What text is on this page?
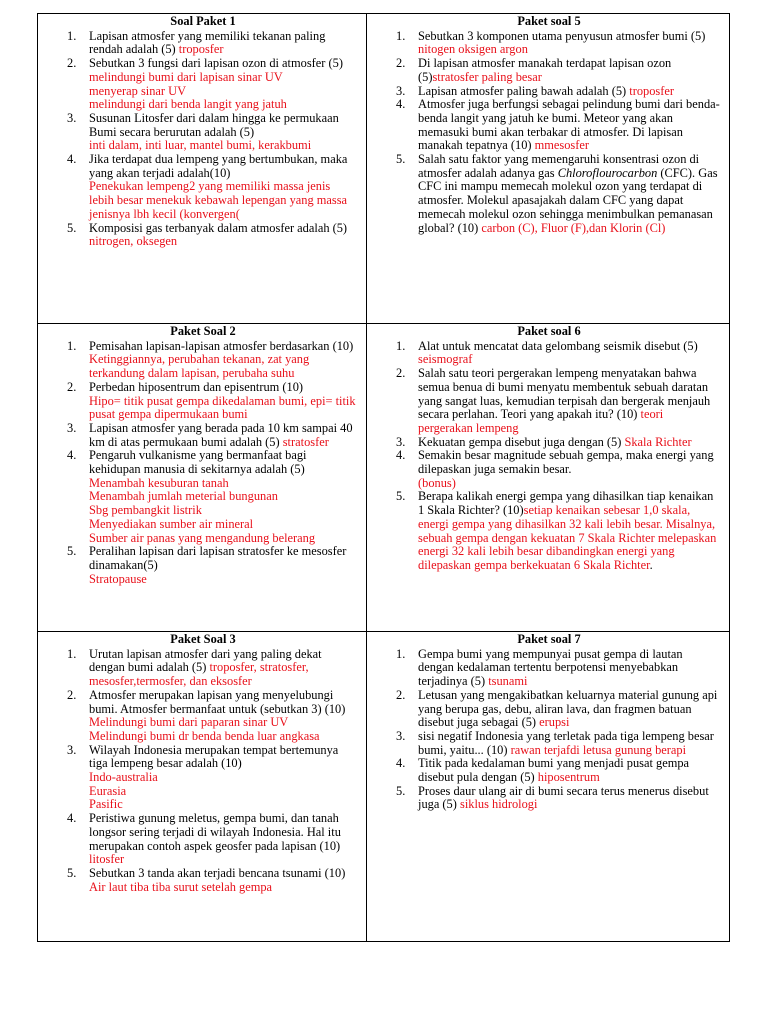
Soal Paket 1
1. Lapisan atmosfer yang memiliki tekanan paling rendah adalah (5) troposfer
2. Sebutkan 3 fungsi dari lapisan ozon di atmosfer (5)
melindungi bumi dari lapisan sinar UV
menyerap sinar UV
melindungi dari benda langit yang jatuh
3. Susunan Litosfer dari dalam hingga ke permukaan Bumi secara berurutan adalah (5)
inti dalam, inti luar, mantel bumi, kerakbumi
4. Jika terdapat dua lempeng yang bertumbukan, maka yang akan terjadi adalah(10)
Penekukan lempeng2 yang memiliki massa jenis lebih besar menekuk kebawah lepengan yang massa jenisnya lbh kecil (konvergen(
5. Komposisi gas terbanyak dalam atmosfer adalah (5) nitrogen, oksegen
Paket soal 5
1. Sebutkan 3 komponen utama penyusun atmosfer bumi (5) nitogen oksigen argon
2. Di lapisan atmosfer manakah terdapat lapisan ozon (5)stratosfer paling besar
3. Lapisan atmosfer paling bawah adalah (5) troposfer
4. Atmosfer juga berfungsi sebagai pelindung bumi dari benda-benda langit yang jatuh ke bumi. Meteor yang akan memasuki bumi akan terbakar di atmosfer. Di lapisan manakah tepatnya (10) mmesosfer
5. Salah satu faktor yang memengaruhi konsentrasi ozon di atmosfer adalah adanya gas Chloroflourocarbon (CFC). Gas CFC ini mampu memecah molekul ozon yang terdapat di atmosfer. Molekul apasajakah dalam CFC yang dapat memecah molekul ozon sehingga menimbulkan pemanasan global? (10) carbon (C), Fluor (F),dan Klorin (Cl)
Paket Soal 2
1. Pemisahan lapisan-lapisan atmosfer berdasarkan (10)
Ketinggiannya, perubahan tekanan, zat yang terkandung dalam lapisan, perubaha suhu
2. Perbedan hiposentrum dan episentrum (10)
Hipo= titik pusat gempa dikedalaman bumi, epi= titik pusat gempa dipermukaan bumi
3. Lapisan atmosfer yang berada pada 10 km sampai 40 km di atas permukaan bumi adalah (5) stratosfer
4. Pengaruh vulkanisme yang bermanfaat bagi kehidupan manusia di sekitarnya adalah (5)
Menambah kesuburan tanah
Menambah jumlah meterial bungunan
Sbg pembangkit listrik
Menyediakan sumber air mineral
Sumber air panas yang mengandung belerang
5. Peralihan lapisan dari lapisan stratosfer ke mesosfer dinamakan(5)
Stratopause
Paket soal 6
1. Alat untuk mencatat data gelombang seismik disebut (5) seismograf
2. Salah satu teori pergerakan lempeng menyatakan bahwa semua benua di bumi menyatu membentuk sebuah daratan yang sangat luas, kemudian terpisah dan bergerak menjauh secara perlahan. Teori yang apakah itu? (10) teori pergerakan lempeng
3. Kekuatan gempa disebut juga dengan (5) Skala Richter
4. Semakin besar magnitude sebuah gempa, maka energi yang dilepaskan juga semakin besar.
(bonus)
5. Berapa kalikah energi gempa yang dihasilkan tiap kenaikan 1 Skala Richter? (10)setiap kenaikan sebesar 1,0 skala, energi gempa yang dihasilkan 32 kali lebih besar. Misalnya, sebuah gempa dengan kekuatan 7 Skala Richter melepaskan energi 32 kali lebih besar dibandingkan energi yang dilepaskan gempa berkekuatan 6 Skala Richter.
Paket Soal 3
1. Urutan lapisan atmosfer dari yang paling dekat dengan bumi adalah (5) troposfer, stratosfer, mesosfer,termosfer, dan eksosfer
2. Atmosfer merupakan lapisan yang menyelubungi bumi. Atmosfer bermanfaat untuk (sebutkan 3) (10)
Melindungi bumi dari paparan sinar UV
Melindungi bumi dr benda benda luar angkasa
3. Wilayah Indonesia merupakan tempat bertemunya tiga lempeng besar adalah (10)
Indo-australia
Eurasia
Pasific
4. Peristiwa gunung meletus, gempa bumi, dan tanah longsor sering terjadi di wilayah Indonesia. Hal itu merupakan contoh aspek geosfer pada lapisan (10) litosfer
5. Sebutkan 3 tanda akan terjadi bencana tsunami (10)
Air laut tiba tiba surut setelah gempa
Paket soal 7
1. Gempa bumi yang mempunyai pusat gempa di lautan dengan kedalaman tertentu berpotensi menyebabkan terjadinya (5) tsunami
2. Letusan yang mengakibatkan keluarnya material gunung api yang berupa gas, debu, aliran lava, dan fragmen batuan disebut juga sebagai (5) erupsi
3. sisi negatif Indonesia yang terletak pada tiga lempeng besar bumi, yaitu... (10) rawan terjafdi letusa gunung berapi
4. Titik pada kedalaman bumi yang menjadi pusat gempa disebut pula dengan (5) hiposentrum
5. Proses daur ulang air di bumi secara terus menerus disebut juga (5) siklus hidrologi
